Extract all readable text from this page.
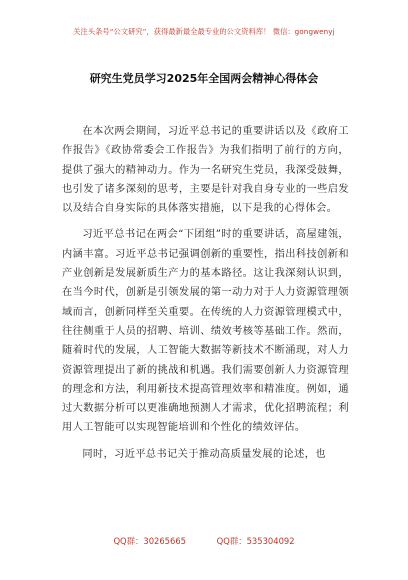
关注头条号“公文研究”，获得最新最全最专业的公文资料库！ 微信：gongwenyj
研究生党员学习2025年全国两会精神心得体会

在本次两会期间，习近平总书记的重要讲话以及《政府工作报告》《政协常委会工作报告》为我们指明了前行的方向，提供了强大的精神动力。作为一名研究生党员，我深受鼓舞，也引发了诸多深刻的思考，主要是针对我自身专业的一些启发以及结合自身实际的具体落实措施，以下是我的心得体会。

习近平总书记在两会“下团组”时的重要讲话，高屋建瓴，内涵丰富。习近平总书记强调创新的重要性，指出科技创新和产业创新是发展新质生产力的基本路径。这让我深刻认识到，在当今时代，创新是引领发展的第一动力对于人力资源管理领域而言，创新同样至关重要。在传统的人力资源管理模式中，往往侧重于人员的招聘、培训、绩效考核等基础工作。然而，随着时代的发展，人工智能大数据等新技术不断涌现，对人力资源管理提出了新的挑战和机遇。我们需要创新人力资源管理的理念和方法，利用新技术提高管理效率和精准度。例如，通过大数据分析可以更准确地预测人才需求，优化招聘流程；利用人工智能可以实现智能培训和个性化的绩效评估。

同时，习近平总书记关于推动高质量发展的论述，也

QQ群：30265665	QQ群：535304092
